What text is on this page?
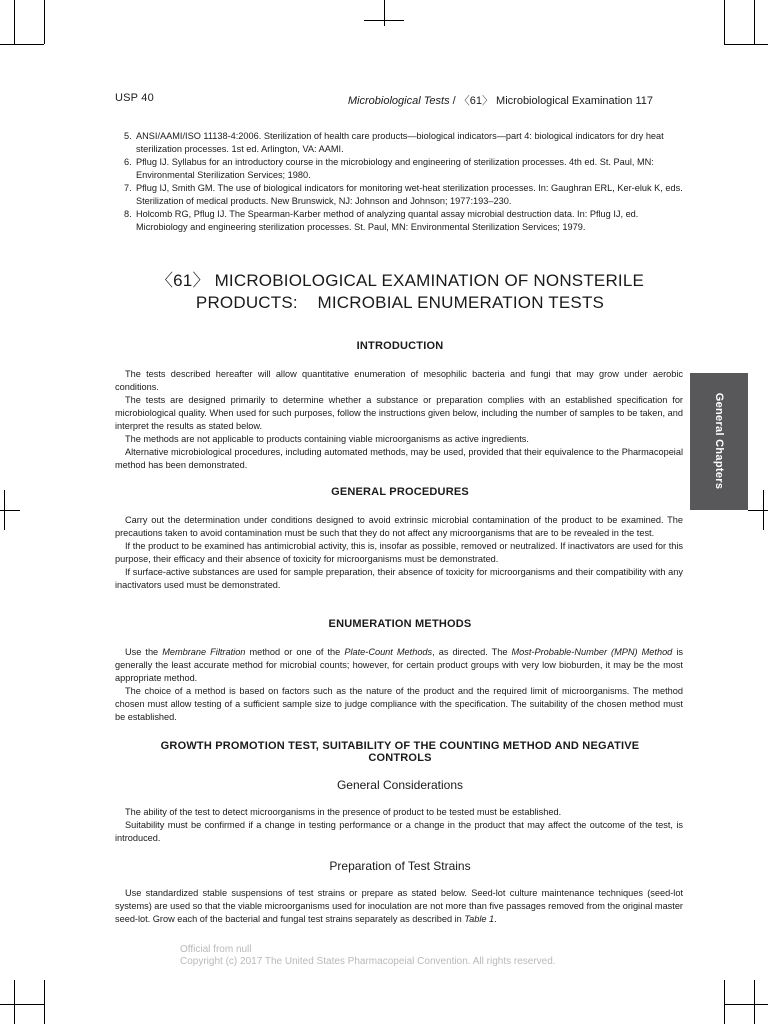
USP 40	Microbiological Tests / 〈61〉 Microbiological Examination 117
5. ANSI/AAMI/ISO 11138-4:2006. Sterilization of health care products—biological indicators—part 4: biological indicators for dry heat sterilization processes. 1st ed. Arlington, VA: AAMI.
6. Pflug IJ. Syllabus for an introductory course in the microbiology and engineering of sterilization processes. 4th ed. St. Paul, MN: Environmental Sterilization Services; 1980.
7. Pflug IJ, Smith GM. The use of biological indicators for monitoring wet-heat sterilization processes. In: Gaughran ERL, Ker-eluk K, eds. Sterilization of medical products. New Brunswick, NJ: Johnson and Johnson; 1977:193–230.
8. Holcomb RG, Pflug IJ. The Spearman-Karber method of analyzing quantal assay microbial destruction data. In: Pflug IJ, ed. Microbiology and engineering sterilization processes. St. Paul, MN: Environmental Sterilization Services; 1979.
〈61〉 MICROBIOLOGICAL EXAMINATION OF NONSTERILE
PRODUCTS:    MICROBIAL ENUMERATION TESTS
INTRODUCTION

The tests described hereafter will allow quantitative enumeration of mesophilic bacteria and fungi that may grow under aerobic conditions.

The tests are designed primarily to determine whether a substance or preparation complies with an established specification for microbiological quality. When used for such purposes, follow the instructions given below, including the number of samples to be taken, and interpret the results as stated below.

The methods are not applicable to products containing viable microorganisms as active ingredients.

Alternative microbiological procedures, including automated methods, may be used, provided that their equivalence to the Pharmacopeial method has been demonstrated.

GENERAL PROCEDURES

Carry out the determination under conditions designed to avoid extrinsic microbial contamination of the product to be examined. The precautions taken to avoid contamination must be such that they do not affect any microorganisms that are to be revealed in the test.

If the product to be examined has antimicrobial activity, this is, insofar as possible, removed or neutralized. If inactivators are used for this purpose, their efficacy and their absence of toxicity for microorganisms must be demonstrated.

If surface-active substances are used for sample preparation, their absence of toxicity for microorganisms and their compatibility with any inactivators used must be demonstrated.

ENUMERATION METHODS

Use the Membrane Filtration method or one of the Plate-Count Methods, as directed. The Most-Probable-Number (MPN) Method is generally the least accurate method for microbial counts; however, for certain product groups with very low bioburden, it may be the most appropriate method.

The choice of a method is based on factors such as the nature of the product and the required limit of microorganisms. The method chosen must allow testing of a sufficient sample size to judge compliance with the specification. The suitability of the chosen method must be established.

GROWTH PROMOTION TEST, SUITABILITY OF THE COUNTING METHOD AND NEGATIVE
CONTROLS
General Considerations

The ability of the test to detect microorganisms in the presence of product to be tested must be established.

Suitability must be confirmed if a change in testing performance or a change in the product that may affect the outcome of the test, is introduced.

Preparation of Test Strains

Use standardized stable suspensions of test strains or prepare as stated below. Seed-lot culture maintenance techniques (seed-lot systems) are used so that the viable microorganisms used for inoculation are not more than five passages removed from the original master seed-lot. Grow each of the bacterial and fungal test strains separately as described in Table 1.

General Chapters
Official from null
Copyright (c) 2017 The United States Pharmacopeial Convention. All rights reserved.
